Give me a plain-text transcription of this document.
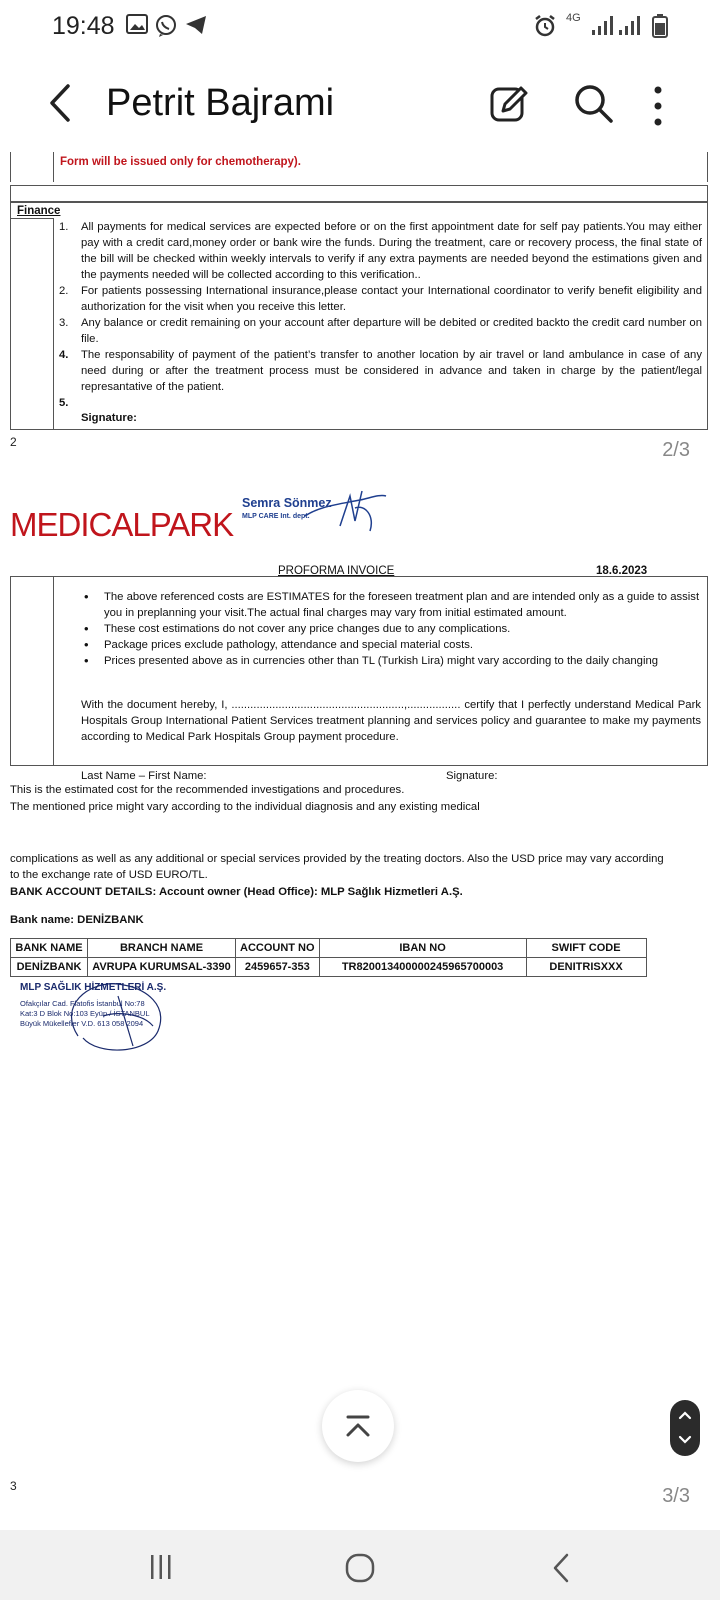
19:48	4G
Petrit Bajrami
Form will be issued only for chemotherapy).
Finance
1. All payments for medical services are expected before or on the first appointment date for self pay patients.You may either pay with a credit card,money order or bank wire the funds. During the treatment, care or recovery process, the final state of the bill will be checked within weekly intervals to verify if any extra payments are needed beyond the estimations given and the payments needed will be collected according to this verification..
2. For patients possessing International insurance,please contact your International coordinator to verify benefit eligibility and authorization for the visit when you receive this letter.
3. Any balance or credit remaining on your account after departure will be debited or credited backto the credit card number on file.
4. The responsability of payment of the patient’s transfer to another location by air travel or land ambulance in case of any need during or after the treatment process must be considered in advance and taken in charge by the patient/legal represantative of the patient.
5.

Signature:
2	2/3
MEDICALPARK
Semra Sönmez
MLP CARE Int. dept.
PROFORMA INVOICE	18.6.2023
• The above referenced costs are ESTIMATES for the foreseen treatment plan and are intended only as a guide to assist you in preplanning your visit.The actual final charges may vary from initial estimated amount.
• These cost estimations do not cover any price changes due to any complications.
• Package prices exclude pathology, attendance and special material costs.
• Prices presented above as in currencies other than TL (Turkish Lira) might vary according to the daily changing
With the document hereby, I, .......................................................,................. certify that I perfectly understand Medical Park Hospitals Group International Patient Services treatment planning and services policy and guarantee to make my payments according to Medical Park Hospitals Group payment procedure.
Last Name – First Name:	Signature:
This is the estimated cost for the recommended investigations and procedures.
The mentioned price might vary according to the individual diagnosis and any existing medical
complications as well as any additional or special services provided by the treating doctors. Also the USD price may vary according to the exchange rate of USD EURO/TL.
BANK ACCOUNT DETAILS: Account owner (Head Office): MLP Sağlık Hizmetleri A.Ş.
Bank name: DENİZBANK
BANK NAME	BRANCH NAME	ACCOUNT NO	IBAN NO	SWIFT CODE
DENİZBANK	AVRUPA KURUMSAL-3390	2459657-353	TR820013400000245965700003	DENITRISXXX
MLP SAĞLIK HİZMETLERİ A.Ş.
Ofakçılar Cad. Flatofis İstanbul No:78
Kat:3 D Blok No:103 Eyüp / İSTANBUL
Büyük Mükellefler V.D. 613 058 2094
3	3/3
